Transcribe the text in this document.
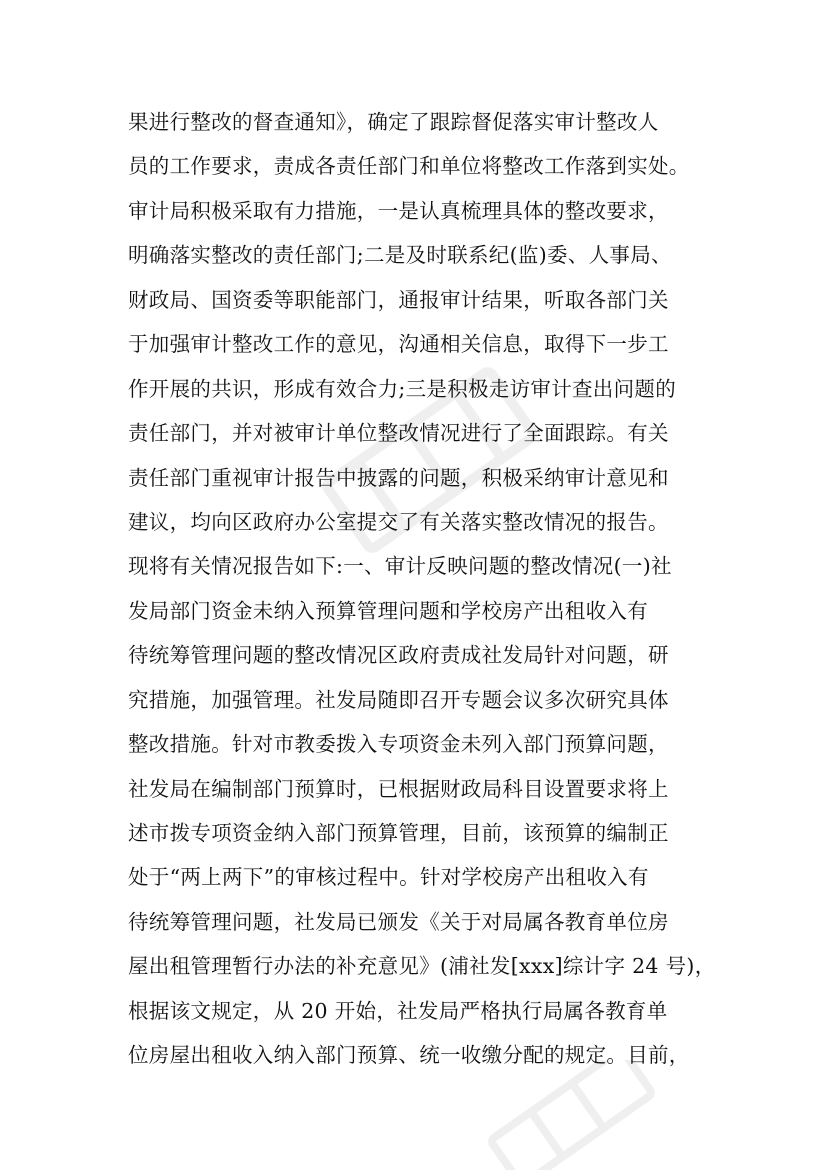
果进行整改的督查通知》，确定了跟踪督促落实审计整改人
员的工作要求，责成各责任部门和单位将整改工作落到实处。
审计局积极采取有力措施，一是认真梳理具体的整改要求，
明确落实整改的责任部门;二是及时联系纪(监)委、人事局、
财政局、国资委等职能部门，通报审计结果，听取各部门关
于加强审计整改工作的意见，沟通相关信息，取得下一步工
作开展的共识，形成有效合力;三是积极走访审计查出问题的
责任部门，并对被审计单位整改情况进行了全面跟踪。有关
责任部门重视审计报告中披露的问题，积极采纳审计意见和
建议，均向区政府办公室提交了有关落实整改情况的报告。
现将有关情况报告如下:一、审计反映问题的整改情况(一)社
发局部门资金未纳入预算管理问题和学校房产出租收入有
待统筹管理问题的整改情况区政府责成社发局针对问题，研
究措施，加强管理。社发局随即召开专题会议多次研究具体
整改措施。针对市教委拨入专项资金未列入部门预算问题，
社发局在编制部门预算时，已根据财政局科目设置要求将上
述市拨专项资金纳入部门预算管理，目前，该预算的编制正
处于“两上两下”的审核过程中。针对学校房产出租收入有
待统筹管理问题，社发局已颁发《关于对局属各教育单位房
屋出租管理暂行办法的补充意见》(浦社发[xxx]综计字 24 号)，
根据该文规定，从 20 开始，社发局严格执行局属各教育单
位房屋出租收入纳入部门预算、统一收缴分配的规定。目前，
